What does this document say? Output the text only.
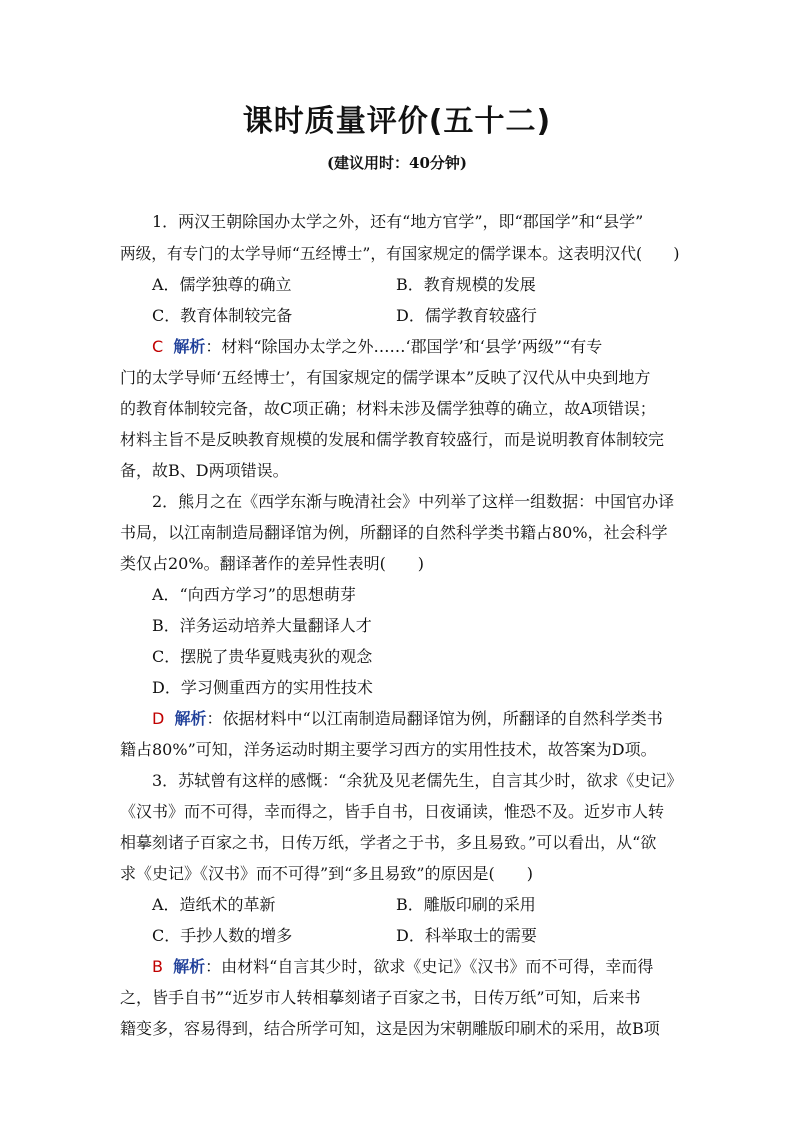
课时质量评价(五十二)
(建议用时：40分钟)
1．两汉王朝除国办太学之外，还有“地方官学”，即“郡国学”和“县学”
两级，有专门的太学导师“五经博士”，有国家规定的儒学课本。这表明汉代(　　)
A．儒学独尊的确立	B．教育规模的发展
C．教育体制较完备	D．儒学教育较盛行
C 解析：材料“除国办太学之外……‘郡国学’和‘县学’两级”“有专
门的太学导师‘五经博士’，有国家规定的儒学课本”反映了汉代从中央到地方
的教育体制较完备，故C项正确；材料未涉及儒学独尊的确立，故A项错误；
材料主旨不是反映教育规模的发展和儒学教育较盛行，而是说明教育体制较完
备，故B、D两项错误。
2．熊月之在《西学东渐与晚清社会》中列举了这样一组数据：中国官办译
书局，以江南制造局翻译馆为例，所翻译的自然科学类书籍占80%，社会科学
类仅占20%。翻译著作的差异性表明(　　)
A．“向西方学习”的思想萌芽
B．洋务运动培养大量翻译人才
C．摆脱了贵华夏贱夷狄的观念
D．学习侧重西方的实用性技术
D 解析：依据材料中“以江南制造局翻译馆为例，所翻译的自然科学类书
籍占80%”可知，洋务运动时期主要学习西方的实用性技术，故答案为D项。
3．苏轼曾有这样的感慨：“余犹及见老儒先生，自言其少时，欲求《史记》
《汉书》而不可得，幸而得之，皆手自书，日夜诵读，惟恐不及。近岁市人转
相摹刻诸子百家之书，日传万纸，学者之于书，多且易致。”可以看出，从“欲
求《史记》《汉书》而不可得”到“多且易致”的原因是(　　)
A．造纸术的革新	B．雕版印刷的采用
C．手抄人数的增多	D．科举取士的需要
B 解析：由材料“自言其少时，欲求《史记》《汉书》而不可得，幸而得
之，皆手自书”“近岁市人转相摹刻诸子百家之书，日传万纸”可知，后来书
籍变多，容易得到，结合所学可知，这是因为宋朝雕版印刷术的采用，故B项
